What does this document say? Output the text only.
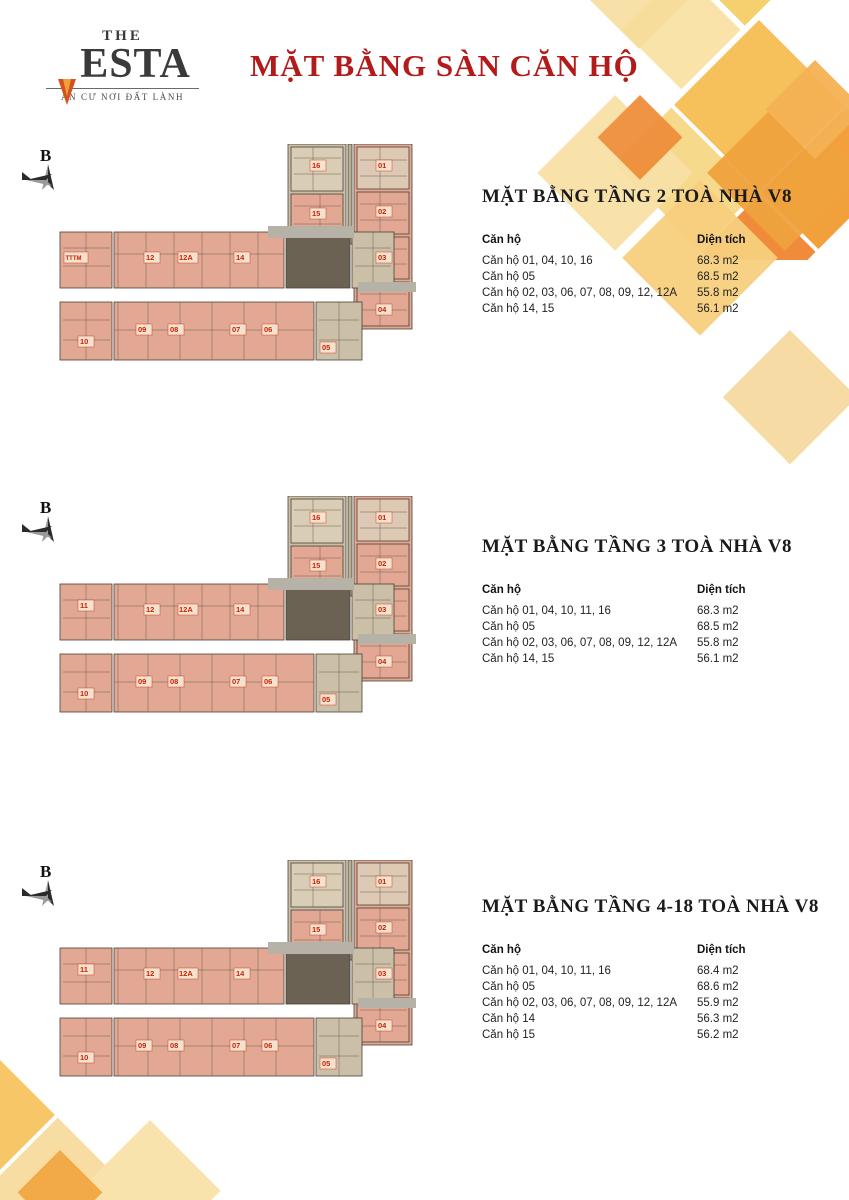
THE
ESTA
AN CƯ NƠI ĐẤT LÀNH
MẶT BẰNG SÀN CĂN HỘ
B
16
15
01
02
03
04
TTTM	12	12A	14
10
09	08	07	06
05
MẶT BẰNG TẦNG 2 TOÀ NHÀ V8
Căn hộ	Diện tích
Căn hộ 01, 04, 10, 16	68.3 m2
Căn hộ 05	68.5 m2
Căn hộ 02, 03, 06, 07, 08, 09, 12, 12A	55.8 m2
Căn hộ 14, 15	56.1 m2
B
16
15
01
02
03
04
11	12	12A	14
10
09	08	07	06
05
MẶT BẰNG TẦNG 3 TOÀ NHÀ V8
Căn hộ	Diện tích
Căn hộ 01, 04, 10, 11, 16	68.3 m2
Căn hộ 05	68.5 m2
Căn hộ 02, 03, 06, 07, 08, 09, 12, 12A	55.8 m2
Căn hộ 14, 15	56.1 m2
B
16
15
01
02
03
04
11	12	12A	14
10
09	08	07	06
05
MẶT BẰNG TẦNG 4-18 TOÀ NHÀ V8
Căn hộ	Diện tích
Căn hộ 01, 04, 10, 11, 16	68.4 m2
Căn hộ 05	68.6 m2
Căn hộ 02, 03, 06, 07, 08, 09, 12, 12A	55.9 m2
Căn hộ 14	56.3 m2
Căn hộ 15	56.2 m2
